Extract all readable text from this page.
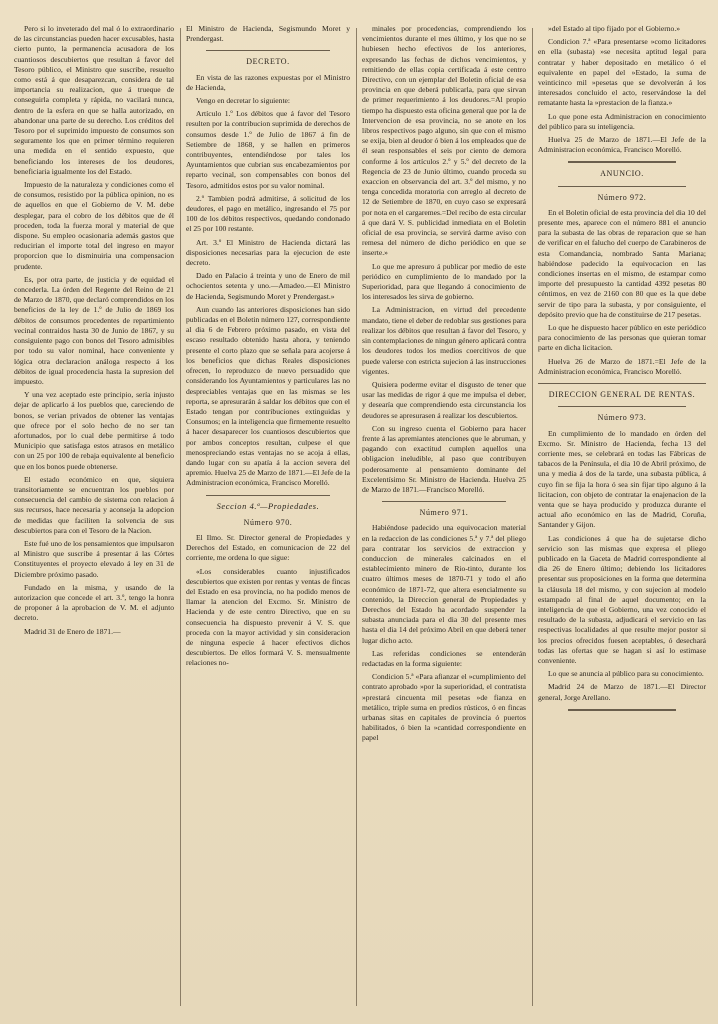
Pero si lo inveterado del mal ó lo extraordinario de las circunstancias pueden hacer excusables, hasta cierto punto, la permanencia acusadora de los cuantiosos descubiertos que resultan á favor del Tesoro público, el Ministro que suscribe, resuelto como está á que desaparezcan, considera de tal importancia su realizacion, que á trueque de conseguirla completa y rápida, no vacilará nunca, dentro de la esfera en que se halla autorizado, en abandonar una parte de su derecho. Los créditos del Tesoro por el suprimido impuesto de consumos son seguramente los que en primer término requieren una medida en el sentido expuesto, que beneficiando los intereses de los deudores, beneficiaria igualmente los del Estado.

Impuesto de la naturaleza y condiciones como el de consumos, resistido por la pública opinion, no es de aquellos en que el Gobierno de V. M. debe desplegar, para el cobro de los débitos que de él proceden, toda la fuerza moral y material de que dispone. Su empleo ocasionaria además gastos que reducirian el importe total del ingreso en mayor proporcion que lo disminuiria una compensacion prudente.

Es, por otra parte, de justicia y de equidad el concederla. La órden del Regente del Reino de 21 de Marzo de 1870, que declaró comprendidos en los beneficios de la ley de 1.º de Julio de 1869 los débitos de consumos procedentes de repartimiento vecinal contraidos hasta 30 de Junio de 1867, y su consiguiente pago con bonos del Tesoro admisibles por todo su valor nominal, hace conveniente y lógica otra declaracion análoga respecto á los débitos de igual procedencia hasta la supresion del impuesto.

Y una vez aceptado este principio, sería injusto dejar de aplicarlo á los pueblos que, careciendo de bonos, se verian privados de obtener las ventajas que ofrece por el solo hecho de no ser tan afortunados, por lo cual debe permitirse á todo Municipio que satisfaga estos atrasos en metálico con un 25 por 100 de rebaja equivalente al beneficio que en los bonos puede obtenerse.

El estado económico en que, siquiera transitoriamente se encuentran los pueblos por consecuencia del cambio de sistema con relacion á sus recursos, hace necesaria y aconseja la adopcion de medidas que faciliten la solvencia de sus descubiertos para con el Tesoro de la Nacion.

Este fué uno de los pensamientos que impulsaron al Ministro que suscribe á presentar á las Córtes Constituyentes el proyecto elevado á ley en 31 de Diciembre próximo pasado.

Fundado en la misma, y usando de la autorizacion que concede el art. 3.º, tengo la honra de proponer á la aprobacion de V. M. el adjunto decreto.

Madrid 31 de Enero de 1871.—

El Ministro de Hacienda, Segismundo Moret y Prendergast.

DECRETO.

En vista de las razones expuestas por el Ministro de Hacienda,

Vengo en decretar lo siguiente:

Artículo 1.º Los débitos que á favor del Tesoro resulten por la contribucion suprimida de derechos de consumos desde 1.º de Julio de 1867 á fin de Setiembre de 1868, y se hallen en primeros contribuyentes, entendiéndose por tales los Ayuntamientos que cubrian sus encabezamientos por reparto vecinal, son compensables con bonos del Tesoro, admitidos estos por su valor nominal.

2.º Tambien podrá admitirse, á solicitud de los deudores, el pago en metálico, ingresando el 75 por 100 de los débitos respectivos, quedando condonado el 25 por 100 restante.

Art. 3.º El Ministro de Hacienda dictará las disposiciones necesarias para la ejecucion de este decreto.

Dado en Palacio á treinta y uno de Enero de mil ochocientos setenta y uno.—Amadeo.—El Ministro de Hacienda, Segismundo Moret y Prendergast.»

Aun cuando las anteriores disposiciones han sido publicadas en el Boletin número 127, correspondiente al dia 6 de Febrero próximo pasado, en vista del escaso resultado obtenido hasta ahora, y teniendo presente el corto plazo que se señala para acojerse á los beneficios que dichas Reales disposiciones ofrecen, lo reproduzco de nuevo persuadido que considerando los Ayuntamientos y particulares las no despreciables ventajas que en las mismas se les reporta, se apresurarán á saldar los débitos que con el Estado tengan por contribuciones extinguidas y Consumos; en la inteligencia que firmemente resuelto á hacer desaparecer los cuantiosos descubiertos que por ambos conceptos resultan, culpese el que menospreciando estas ventajas no se acoja á ellas, dando lugar con su apatía á la accion severa del apremio. Huelva 25 de Marzo de 1871.—El Jefe de la Administracion económica, Francisco Morelló.

Seccion 4.ª—Propiedades.
Número 970.

El Ilmo. Sr. Director general de Propiedades y Derechos del Estado, en comunicacion de 22 del corriente, me ordena lo que sigue:

«Los considerables cuanto injustificados descubiertos que existen por rentas y ventas de fincas del Estado en esa provincia, no ha podido menos de llamar la atencion del Excmo. Sr. Ministro de Hacienda y de este centro Directivo, que en su consecuencia ha dispuesto prevenir á V. S. que proceda con la mayor actividad y sin consideracion de ninguna especie á hacer efectivos dichos descubiertos. De ellos formará V. S. mensualmente relaciones no-

minales por procedencias, comprendiendo los vencimientos durante el mes último, y los que no se hubiesen hecho efectivos de los anteriores, expresando las fechas de dichos vencimientos, y remitiendo de ellas copia certificada á este centro Directivo, con un ejemplar del Boletin oficial de esa provincia en que deberá publicarla, para que sirvan de primer requerimiento á los deudores.=Al propio tiempo ha dispuesto esta oficina general que por la de Intervencion de esa provincia, no se anote en los libros respectivos pago alguno, sin que con el mismo se exija, bien al deudor ó bien á los empleados que de él sean responsables el seis por ciento de demora conforme á los artículos 2.º y 5.º del decreto de la Regencia de 23 de Junio último, cuando proceda su exaccion en observancia del art. 3.º del mismo, y no tenga concedida moratoria con arreglo al decreto de 12 de Setiembre de 1870, en cuyo caso se expresará por nota en el cargaremes.=Del recibo de esta circular á que dará V. S. publicidad inmediata en el Boletin oficial de esa provincia, se servirá darme aviso con remesa del número de dicho periódico en que se inserte.»

Lo que me apresuro á publicar por medio de este periódico en cumplimiento de lo mandado por la Superioridad, para que llegando á conocimiento de los interesados les sirva de gobierno.

La Administracion, en virtud del precedente mandato, tiene el deber de redoblar sus gestiones para realizar los débitos que resultan á favor del Tesoro, y sin contemplaciones de ningun género aplicará contra los deudores todos los medios coercitivos de que puede valerse con estricta sujecion á las instrucciones vigentes.

Quisiera poderme evitar el disgusto de tener que usar las medidas de rigor á que me impulsa el deber, y desearía que comprendiendo esta circunstancia los deudores se apresurasen á realizar los descubiertos.

Con su ingreso cuenta el Gobierno para hacer frente á las apremiantes atenciones que le abruman, y pagando con exactitud cumplen aquellos una obligacion ineludible, al paso que contribuyen poderosamente al pensamiento dominante del Excelentísimo Sr. Ministro de Hacienda. Huelva 25 de Marzo de 1871.—Francisco Morelló.

Número 971.

Habiéndose padecido una equivocacion material en la redaccion de las condiciones 5.ª y 7.ª del pliego para contratar los servicios de extraccion y conduccion de minerales calcinados en el establecimiento minero de Rio-tinto, durante los cuatro últimos meses de 1870-71 y todo el año económico de 1871-72, que altera esencialmente su contenido, la Direccion general de Propiedades y Derechos del Estado ha acordado suspender la subasta anunciada para el dia 30 del presente mes hasta el dia 14 del próximo Abril en que deberá tener lugar dicho acto.

Las referidas condiciones se entenderán redactadas en la forma siguiente:

Condicion 5.ª «Para afianzar el »cumplimiento del contrato aprobado »por la superioridad, el contratista »prestará cincuenta mil pesetas »de fianza en metálico, triple suma en predios rústicos, ó en fincas urbanas sitas en capitales de provincia ó puertos habilitados, ó bien la »cantidad correspondiente en papel

»del Estado al tipo fijado por el Gobierno.»

Condicion 7.ª «Para presentarse »como licitadores en ella (subasta) »se necesita aptitud legal para contratar y haber depositado en metálico ó el equivalente en papel del »Estado, la suma de veinticinco mil »pesetas que se devolverán á los interesados concluido el acto, reservándose la del rematante hasta la »prestacion de la fianza.»

Lo que pone esta Administracion en conocimiento del público para su inteligencia.

Huelva 25 de Marzo de 1871.—El Jefe de la Administracion económica, Francisco Morelló.

ANUNCIO.
Número 972.

En el Boletin oficial de esta provincia del dia 10 del presente mes, aparece con el número 881 el anuncio para la subasta de las obras de reparacion que se han de verificar en el falucho del cuerpo de Carabineros de esta Comandancia, nombrado Santa Mariana; habiéndose padecido la equivocacion en las condiciones insertas en el mismo, de estampar como importe del presupuesto la cantidad 4392 pesetas 80 céntimos, en vez de 2160 con 80 que es la que debe servir de tipo para la subasta, y por consiguiente, el depósito previo que ha de constituirse de 217 pesetas.

Lo que he dispuesto hacer público en este periódico para conocimiento de las personas que quieran tomar parte en dicha licitacion.

Huelva 26 de Marzo de 1871.=El Jefe de la Administracion económica, Francisco Morelló.

DIRECCION GENERAL DE RENTAS.
Número 973.

En cumplimiento de lo mandado en órden del Excmo. Sr. Ministro de Hacienda, fecha 13 del corriente mes, se celebrará en todas las Fábricas de tabacos de la Península, el dia 10 de Abril próximo, de una y media á dos de la tarde, una subasta pública, á cuyo fin se fija la hora ó sea sin fijar tipo alguno á la licitacion, con objeto de contratar la enajenacion de la venta que se haya producido y produzca durante el actual año económico en las de Madrid, Coruña, Santander y Gijon.

Las condiciones á que ha de sujetarse dicho servicio son las mismas que expresa el pliego publicado en la Gaceta de Madrid correspondiente al dia 26 de Enero último; debiendo los licitadores presentar sus proposiciones en la forma que determina la cláusula 18 del mismo, y con sujecion al modelo estampado al final de aquel documento; en la inteligencia de que el Gobierno, una vez conocido el resultado de la subasta, adjudicará el servicio en las respectivas localidades al que resulte mejor postor si los precios ofrecidos fuesen aceptables, ó desechará todas las ofertas que se hagan si así lo estimase conveniente.

Lo que se anuncia al público para su conocimiento.

Madrid 24 de Marzo de 1871.—El Director general, Jorge Arellano.
